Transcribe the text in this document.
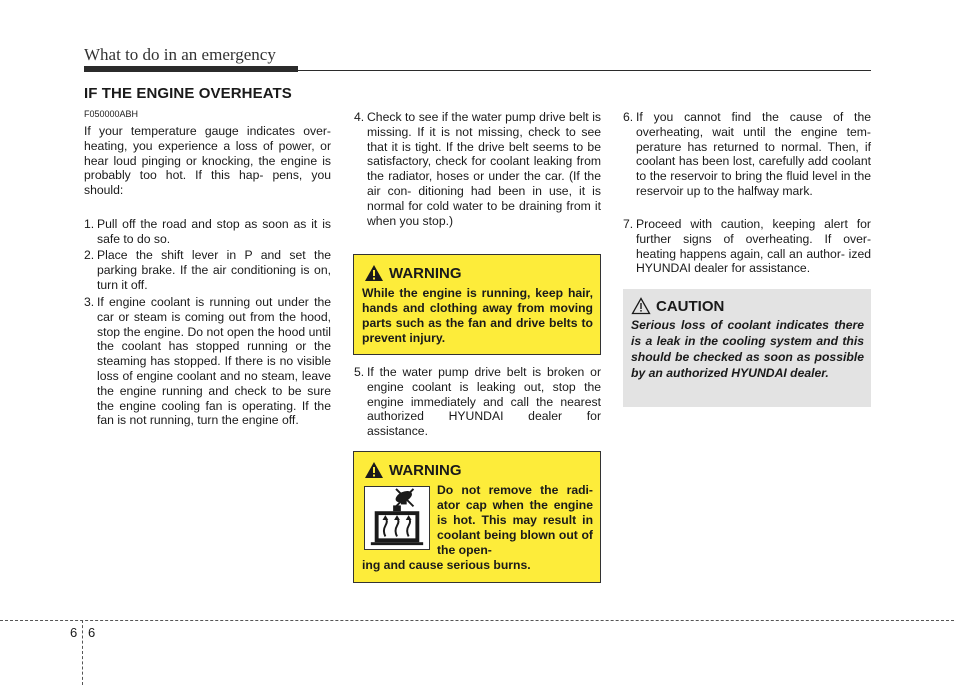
What to do in an emergency
IF THE ENGINE OVERHEATS
F050000ABH
If your temperature gauge indicates over- heating, you experience a loss of power, or hear loud pinging or knocking, the engine is probably too hot. If this hap- pens, you should:
1. Pull off the road and stop as soon as it is safe to do so.
2. Place the shift lever in P and set the parking brake. If the air conditioning is on, turn it off.
3. If engine coolant is running out under the car or steam is coming out from the hood, stop the engine. Do not open the hood until the coolant has stopped running or the steaming has stopped. If there is no visible loss of engine coolant and no steam, leave the engine running and check to be sure the engine cooling fan is operating. If the fan is not running, turn the engine off.
4. Check to see if the water pump drive belt is missing. If it is not missing, check to see that it is tight. If the drive belt seems to be satisfactory, check for coolant leaking from the radiator, hoses or under the car. (If the air con- ditioning had been in use, it is normal for cold water to be draining from it when you stop.)
WARNING
While the engine is running, keep hair, hands and clothing away from moving parts such as the fan and drive belts to prevent injury.
5. If the water pump drive belt is broken or engine coolant is leaking out, stop the engine immediately and call the nearest authorized HYUNDAI dealer for assistance.
WARNING
Do not remove the radi- ator cap when the engine is hot. This may result in coolant being blown out of the open-
ing and cause serious burns.
6. If you cannot find the cause of the overheating, wait until the engine tem- perature has returned to normal. Then, if coolant has been lost, carefully add coolant to the reservoir to bring the fluid level in the reservoir up to the halfway mark.
7. Proceed with caution, keeping alert for further signs of overheating. If over- heating happens again, call an author- ized HYUNDAI dealer for assistance.
CAUTION
Serious loss of coolant indicates there is a leak in the cooling system and this should be checked as soon as possible by an authorized HYUNDAI dealer.
6 6
